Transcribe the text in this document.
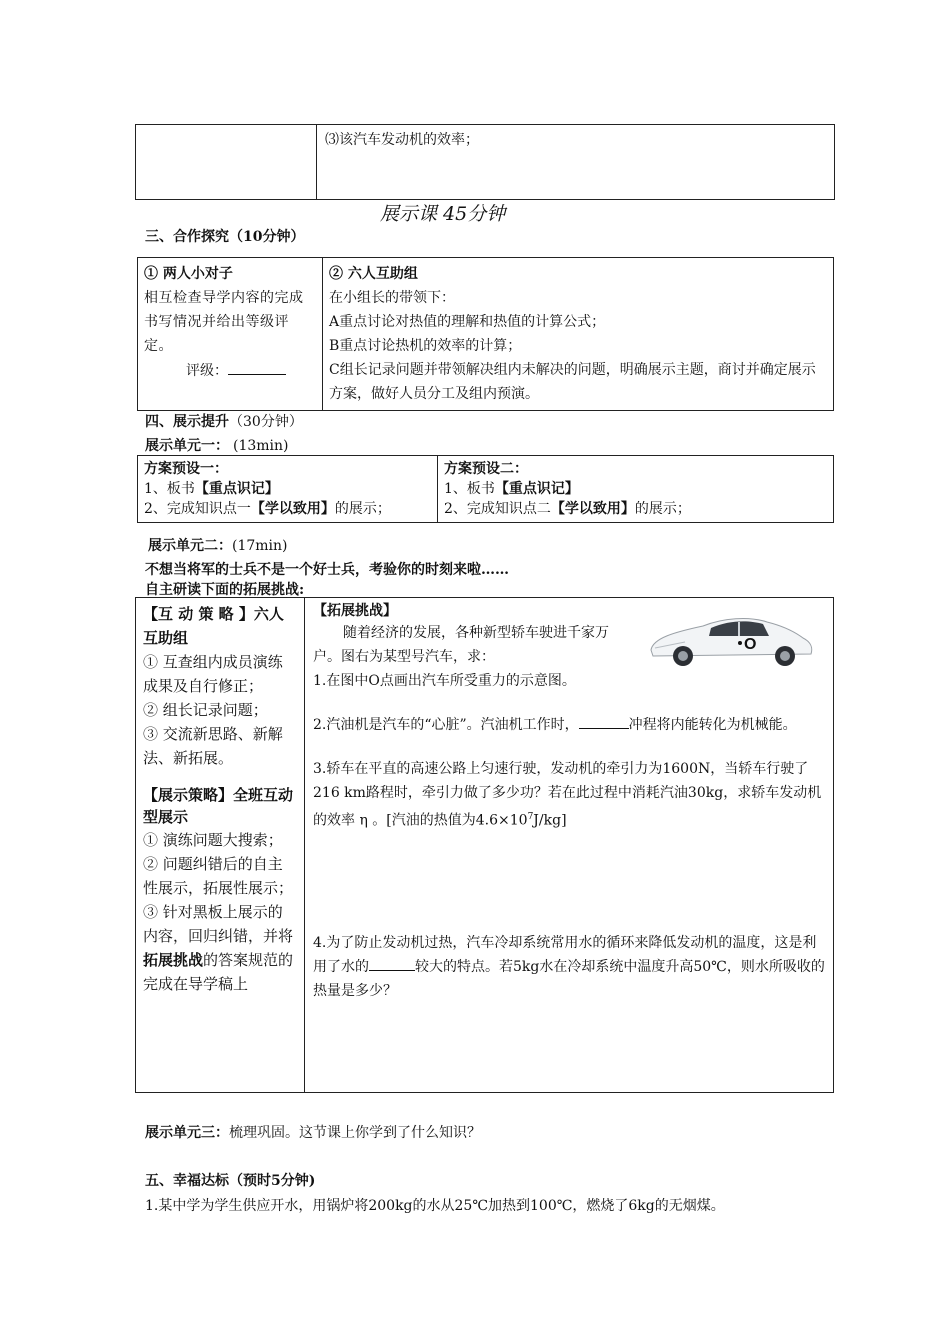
⑶该汽车发动机的效率；
展示课 45分钟
三、合作探究（10分钟）
① 两人小对子
相互检查导学内容的完成书写情况并给出等级评定。
评级：

② 六人互助组
在小组长的带领下：
A重点讨论对热值的理解和热值的计算公式；
B重点讨论热机的效率的计算；
C组长记录问题并带领解决组内未解决的问题，明确展示主题，商讨并确定展示方案，做好人员分工及组内预演。
四、展示提升（30分钟）
展示单元一： (13min)
方案预设一：
1、板书【重点识记】
2、完成知识点一【学以致用】的展示；

方案预设二：
1、板书【重点识记】
2、完成知识点二【学以致用】的展示；
展示单元二：(17min)
不想当将军的士兵不是一个好士兵，考验你的时刻来啦……
自主研读下面的拓展挑战:
【互 动 策 略 】六人互助组
① 互查组内成员演练成果及自行修正；
② 组长记录问题；
③ 交流新思路、新解法、新拓展。
【展示策略】全班互动型展示
① 演练问题大搜索；
② 问题纠错后的自主性展示，拓展性展示；
③ 针对黑板上展示的内容，回归纠错，并将拓展挑战的答案规范的完成在导学稿上

【拓展挑战】
随着经济的发展，各种新型轿车驶进千家万户。图右为某型号汽车，求：
O
1.在图中O点画出汽车所受重力的示意图。
2.汽油机是汽车的“心脏”。汽油机工作时，	冲程将内能转化为机械能。
3.轿车在平直的高速公路上匀速行驶，发动机的牵引力为1600N，当轿车行驶了 216 km路程时，牵引力做了多少功？若在此过程中消耗汽油30kg，求轿车发动机的效率 η 。[汽油的热值为$4.6\times 10^7J/kg$]
4.为了防止发动机过热，汽车冷却系统常用水的循环来降低发动机的温度，这是利用了水的	较大的特点。若5kg水在冷却系统中温度升高50℃，则水所吸收的热量是多少？
展示单元三：梳理巩固。这节课上你学到了什么知识？
五、幸福达标（预时5分钟)
1.某中学为学生供应开水，用锅炉将200kg的水从25℃加热到100℃，燃烧了6kg的无烟煤。
